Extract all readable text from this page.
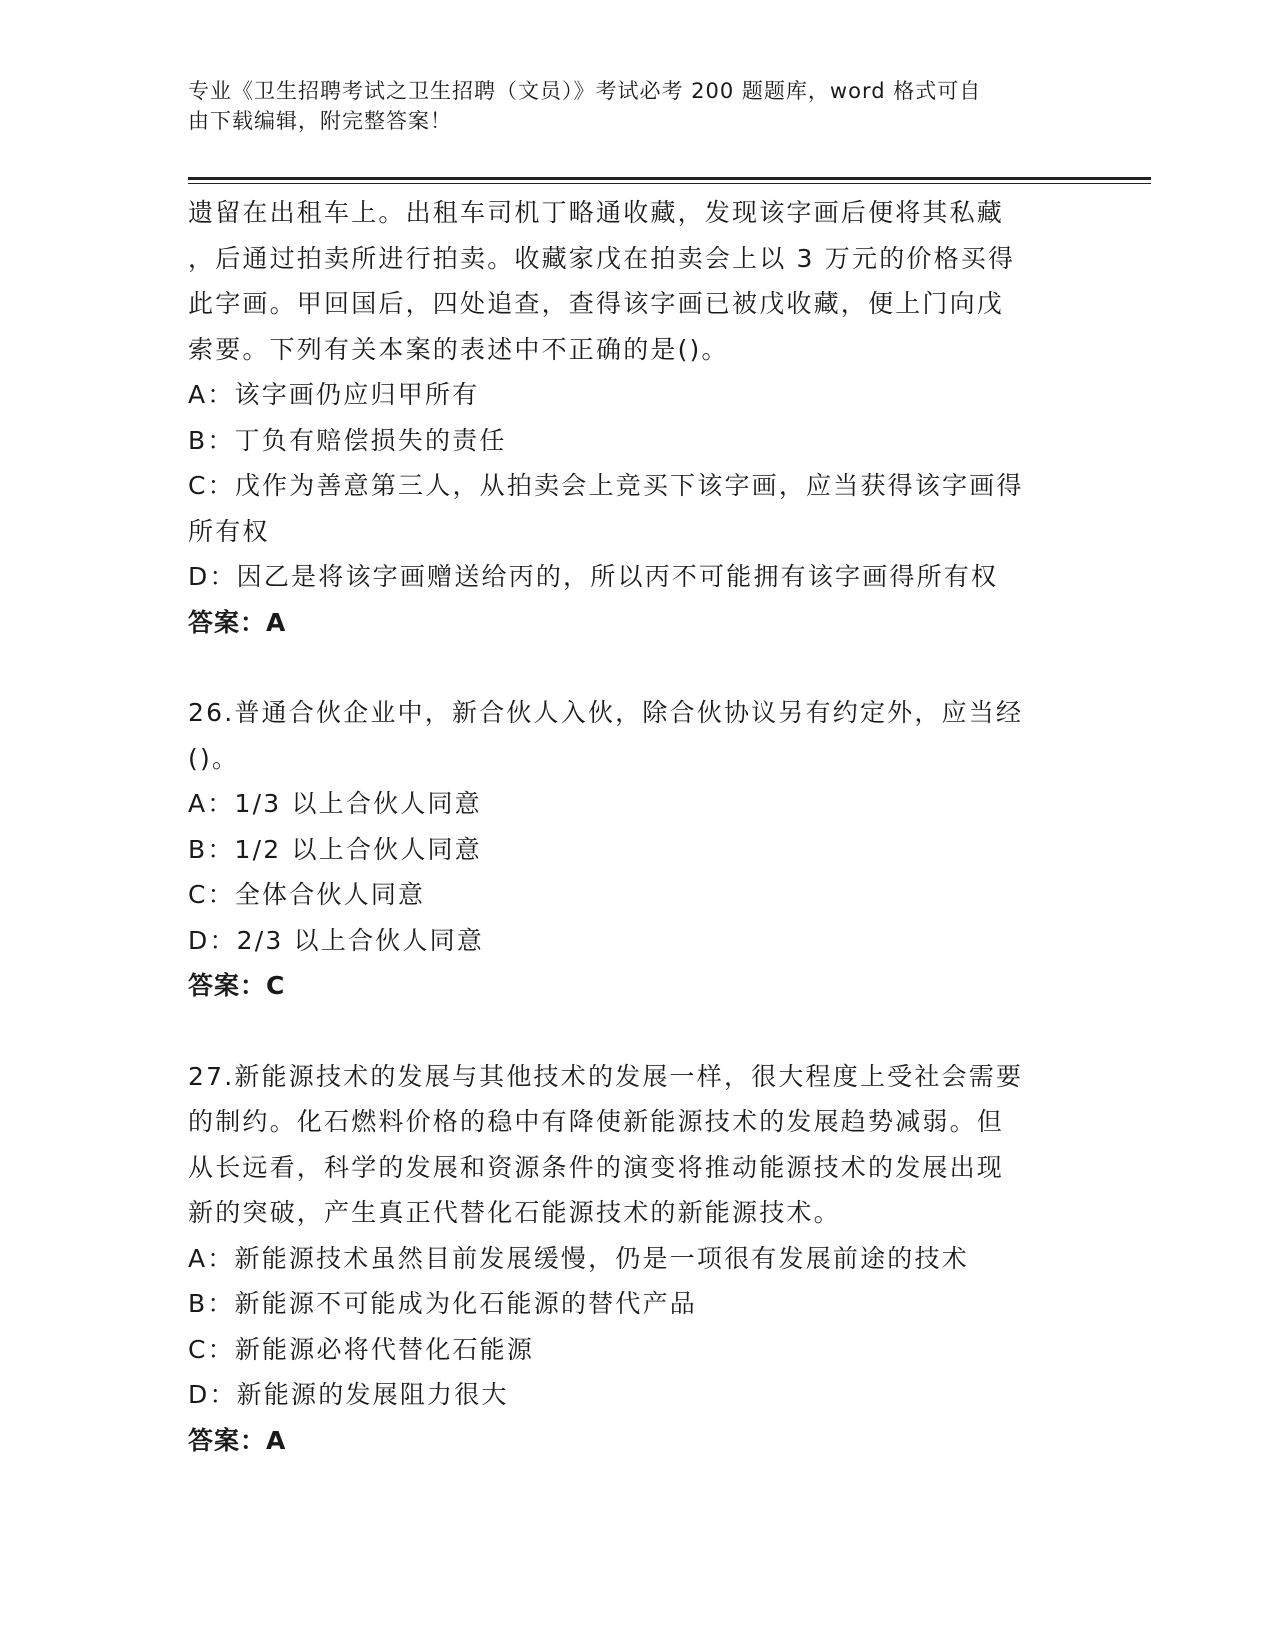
专业《卫生招聘考试之卫生招聘（文员）》考试必考 200 题题库，word 格式可自
由下载编辑，附完整答案！
遗留在出租车上。出租车司机丁略通收藏，发现该字画后便将其私藏
，后通过拍卖所进行拍卖。收藏家戊在拍卖会上以 3 万元的价格买得
此字画。甲回国后，四处追查，查得该字画已被戊收藏，便上门向戊
索要。下列有关本案的表述中不正确的是()。
A：该字画仍应归甲所有
B：丁负有赔偿损失的责任
C：戊作为善意第三人，从拍卖会上竞买下该字画，应当获得该字画得
所有权
D：因乙是将该字画赠送给丙的，所以丙不可能拥有该字画得所有权
答案：A
26.普通合伙企业中，新合伙人入伙，除合伙协议另有约定外，应当经
()。
A：1/3 以上合伙人同意
B：1/2 以上合伙人同意
C：全体合伙人同意
D：2/3 以上合伙人同意
答案：C
27.新能源技术的发展与其他技术的发展一样，很大程度上受社会需要
的制约。化石燃料价格的稳中有降使新能源技术的发展趋势减弱。但
从长远看，科学的发展和资源条件的演变将推动能源技术的发展出现
新的突破，产生真正代替化石能源技术的新能源技术。
A：新能源技术虽然目前发展缓慢，仍是一项很有发展前途的技术
B：新能源不可能成为化石能源的替代产品
C：新能源必将代替化石能源
D：新能源的发展阻力很大
答案：A
